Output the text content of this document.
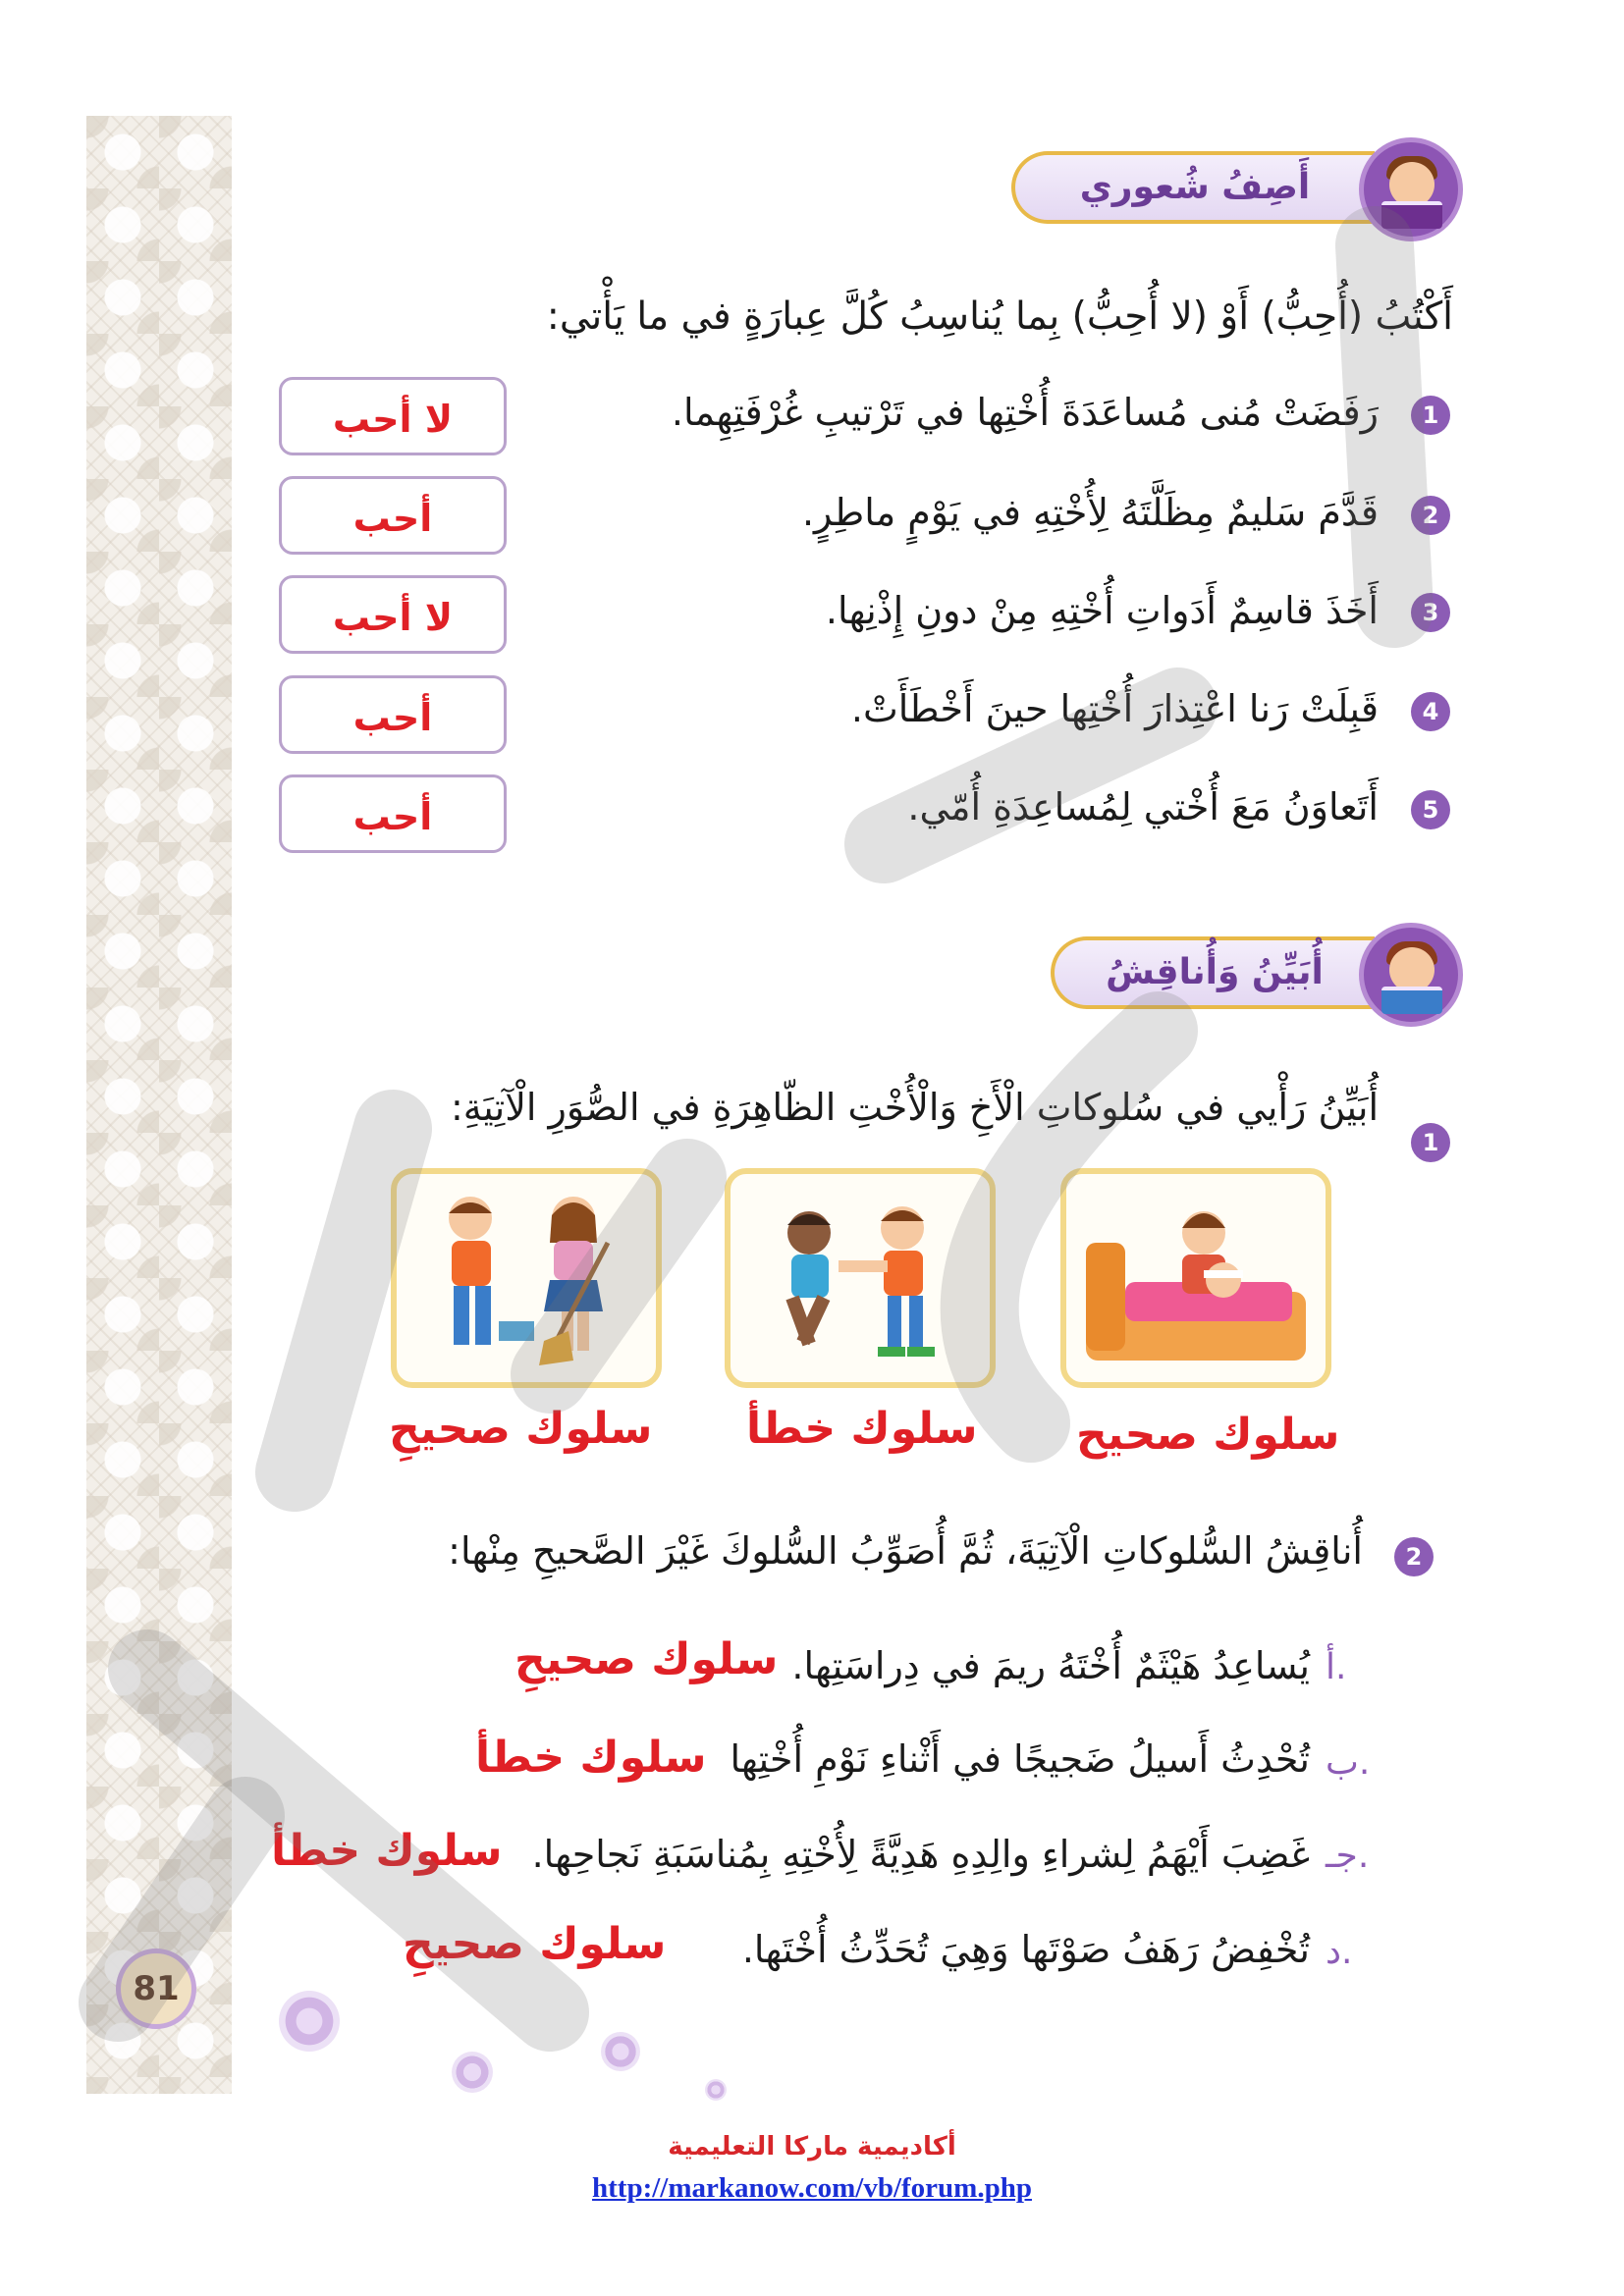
أَصِفُ شُعوري
أَكْتُبُ (أُحِبُّ) أَوْ (لا أُحِبُّ) بِما يُناسِبُ كُلَّ عِبارَةٍ في ما يَأْتي:
1
رَفَضَتْ مُنى مُساعَدَةَ أُخْتِها في تَرْتيبِ غُرْفَتِهِما.
لا أحب
2
قَدَّمَ سَليمٌ مِظَلَّتَهُ لِأُخْتِهِ في يَوْمٍ ماطِرٍ.
أحب
3
أَخَذَ قاسِمٌ أَدَواتِ أُخْتِهِ مِنْ دونِ إِذْنِها.
لا أحب
4
قَبِلَتْ رَنا اعْتِذارَ أُخْتِها حينَ أَخْطَأَتْ.
أحب
5
أَتَعاوَنُ مَعَ أُخْتي لِمُساعِدَةِ أُمّي.
أحب
أُبَيِّنُ وَأُناقِشُ
1
أُبَيِّنُ رَأْيي في سُلوكاتِ الْأَخِ وَالْأُخْتِ الظّاهِرَةِ في الصُّوَرِ الْآتِيَةِ:
سلوك صحيح
سلوك خطأ
سلوك صحيحِ
2
أُناقِشُ السُّلوكاتِ الْآتِيَةَ، ثُمَّ أُصَوِّبُ السُّلوكَ غَيْرَ الصَّحيحِ مِنْها:
أ.
يُساعِدُ هَيْثَمٌ أُخْتَهُ ريمَ في دِراسَتِها.
سلوك صحيحِ
ب.
تُحْدِثُ أَسيلُ ضَجيجًا في أَثْناءِ نَوْمِ أُخْتِها
سلوك خطأ
جـ.
غَضِبَ أَيْهَمُ لِشراءِ والِدِهِ هَدِيَّةً لِأُخْتِهِ بِمُناسَبَةِ نَجاحِها.
سلوك خطأ
د.
تُخْفِضُ رَهَفُ صَوْتَها وَهِيَ تُحَدِّثُ أُخْتَها.
سلوك صحيحِ
81
أكاديمية ماركا التعليمية
http://markanow.com/vb/forum.php
